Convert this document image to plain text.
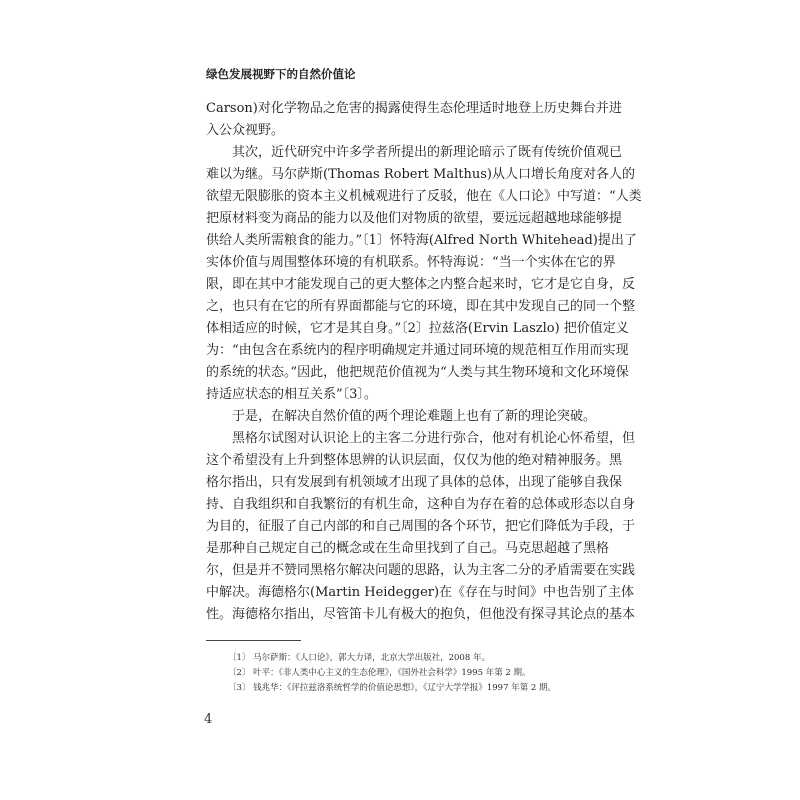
绿色发展视野下的自然价值论
Carson)对化学物品之危害的揭露使得生态伦理适时地登上历史舞台并进
入公众视野。
其次，近代研究中许多学者所提出的新理论暗示了既有传统价值观已
难以为继。马尔萨斯(Thomas Robert Malthus)从人口增长角度对各人的
欲望无限膨胀的资本主义机械观进行了反驳，他在《人口论》中写道：“人类
把原材料变为商品的能力以及他们对物质的欲望，要远远超越地球能够提
供给人类所需粮食的能力。”〔1〕怀特海(Alfred North Whitehead)提出了
实体价值与周围整体环境的有机联系。怀特海说：“当一个实体在它的界
限，即在其中才能发现自己的更大整体之内整合起来时，它才是它自身，反
之，也只有在它的所有界面都能与它的环境，即在其中发现自己的同一个整
体相适应的时候，它才是其自身。”〔2〕拉兹洛(Ervin Laszlo) 把价值定义
为：“由包含在系统内的程序明确规定并通过同环境的规范相互作用而实现
的系统的状态。”因此，他把规范价值视为“人类与其生物环境和文化环境保
持适应状态的相互关系”〔3〕。
于是，在解决自然价值的两个理论难题上也有了新的理论突破。
黑格尔试图对认识论上的主客二分进行弥合，他对有机论心怀希望，但
这个希望没有上升到整体思辨的认识层面，仅仅为他的绝对精神服务。黑
格尔指出，只有发展到有机领域才出现了具体的总体，出现了能够自我保
持、自我组织和自我繁衍的有机生命，这种自为存在着的总体或形态以自身
为目的，征服了自己内部的和自己周围的各个环节，把它们降低为手段，于
是那种自己规定自己的概念或在生命里找到了自己。马克思超越了黑格
尔，但是并不赞同黑格尔解决问题的思路，认为主客二分的矛盾需要在实践
中解决。海德格尔(Martin Heidegger)在《存在与时间》中也告别了主体
性。海德格尔指出，尽管笛卡儿有极大的抱负，但他没有探寻其论点的基本
〔1〕 马尔萨斯：《人口论》，郭大力译，北京大学出版社，2008 年。
〔2〕 叶平：《非人类中心主义的生态伦理》，《国外社会科学》1995 年第 2 期。
〔3〕 钱兆华：《评拉兹洛系统哲学的价值论思想》，《辽宁大学学报》1997 年第 2 期。
4
